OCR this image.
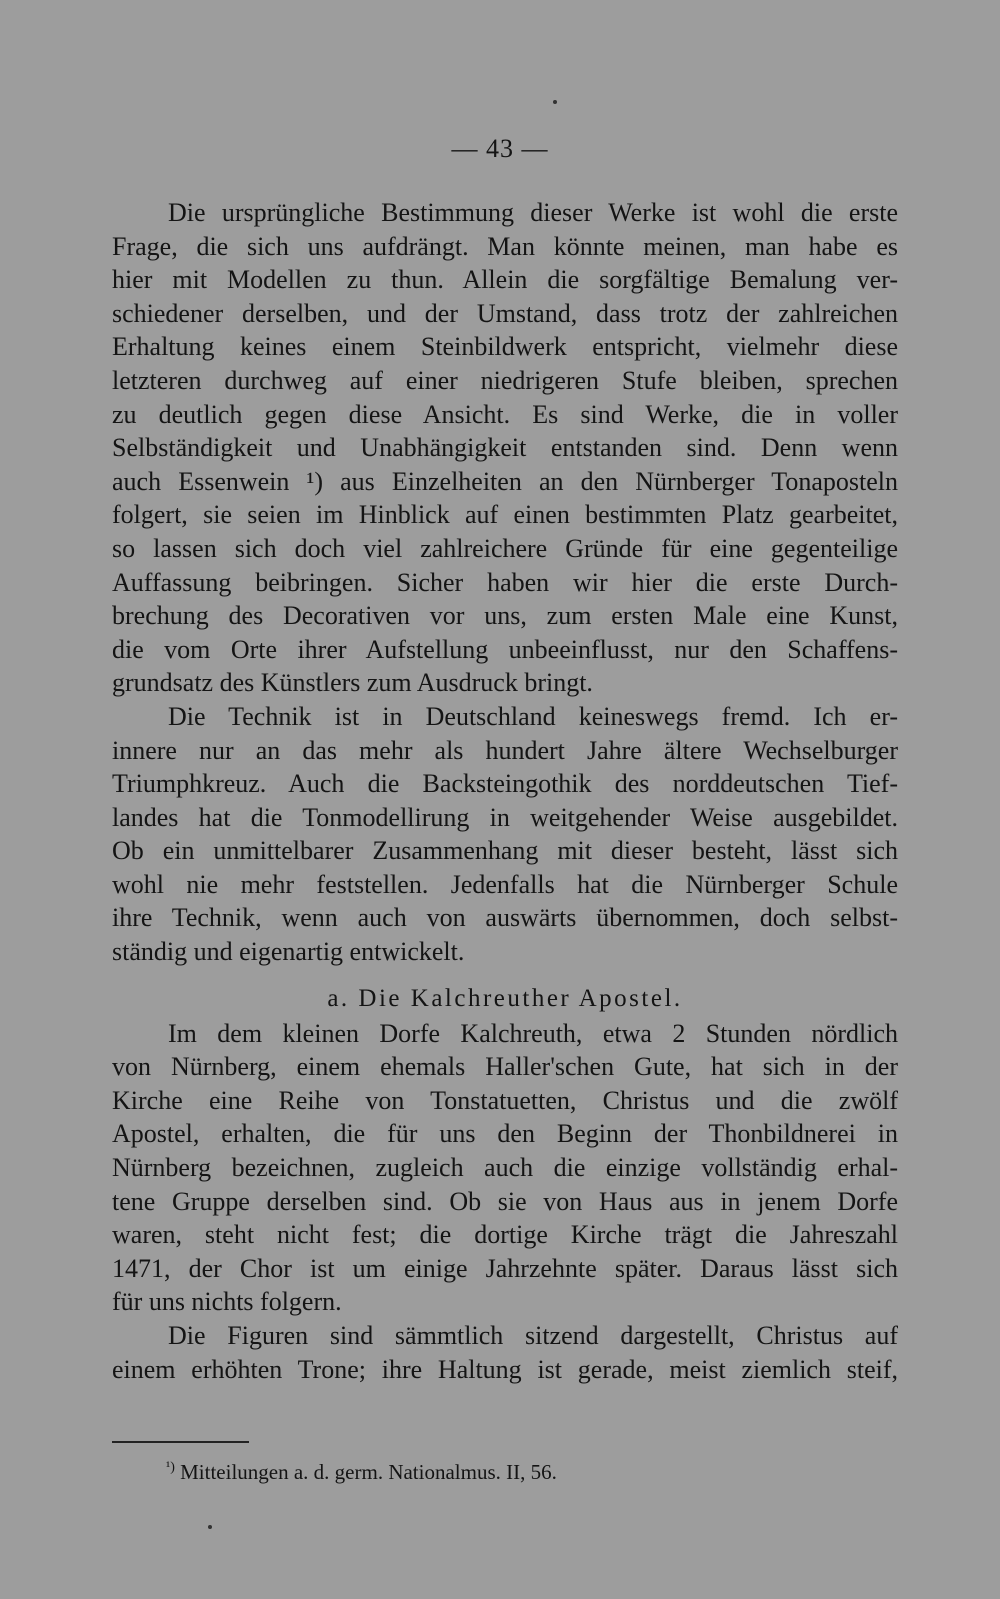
— 43 —
Die ursprüngliche Bestimmung dieser Werke ist wohl die erste
Frage, die sich uns aufdrängt. Man könnte meinen, man habe es
hier mit Modellen zu thun. Allein die sorgfältige Bemalung ver-
schiedener derselben, und der Umstand, dass trotz der zahlreichen
Erhaltung keines einem Steinbildwerk entspricht, vielmehr diese
letzteren durchweg auf einer niedrigeren Stufe bleiben, sprechen
zu deutlich gegen diese Ansicht. Es sind Werke, die in voller
Selbständigkeit und Unabhängigkeit entstanden sind. Denn wenn
auch Essenwein ¹) aus Einzelheiten an den Nürnberger Tonaposteln
folgert, sie seien im Hinblick auf einen bestimmten Platz gearbeitet,
so lassen sich doch viel zahlreichere Gründe für eine gegenteilige
Auffassung beibringen. Sicher haben wir hier die erste Durch-
brechung des Decorativen vor uns, zum ersten Male eine Kunst,
die vom Orte ihrer Aufstellung unbeeinflusst, nur den Schaffens-
grundsatz des Künstlers zum Ausdruck bringt.
Die Technik ist in Deutschland keineswegs fremd. Ich er-
innere nur an das mehr als hundert Jahre ältere Wechselburger
Triumphkreuz. Auch die Backsteingothik des norddeutschen Tief-
landes hat die Tonmodellirung in weitgehender Weise ausgebildet.
Ob ein unmittelbarer Zusammenhang mit dieser besteht, lässt sich
wohl nie mehr feststellen. Jedenfalls hat die Nürnberger Schule
ihre Technik, wenn auch von auswärts übernommen, doch selbst-
ständig und eigenartig entwickelt.
a. Die Kalchreuther Apostel.
Im dem kleinen Dorfe Kalchreuth, etwa 2 Stunden nördlich
von Nürnberg, einem ehemals Haller'schen Gute, hat sich in der
Kirche eine Reihe von Tonstatuetten, Christus und die zwölf
Apostel, erhalten, die für uns den Beginn der Thonbildnerei in
Nürnberg bezeichnen, zugleich auch die einzige vollständig erhal-
tene Gruppe derselben sind. Ob sie von Haus aus in jenem Dorfe
waren, steht nicht fest; die dortige Kirche trägt die Jahreszahl
1471, der Chor ist um einige Jahrzehnte später. Daraus lässt sich
für uns nichts folgern.
Die Figuren sind sämmtlich sitzend dargestellt, Christus auf
einem erhöhten Trone; ihre Haltung ist gerade, meist ziemlich steif,
$^{^1)}$ Mitteilungen a. d. germ. Nationalmus. II, 56.
